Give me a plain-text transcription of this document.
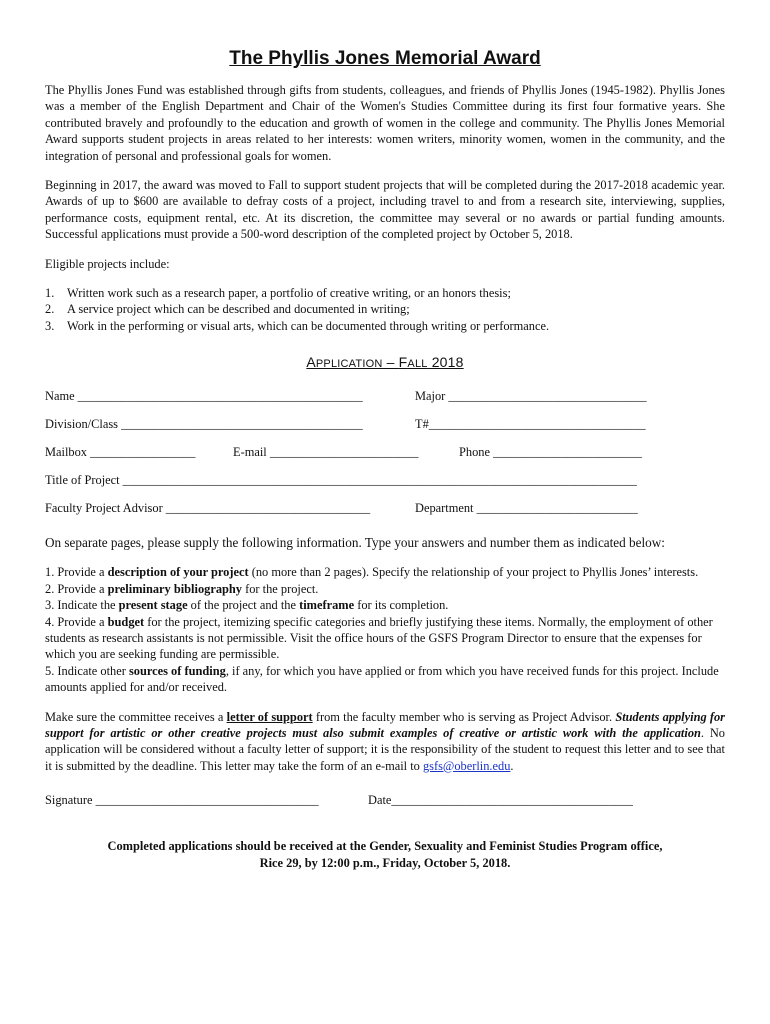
The Phyllis Jones Memorial Award

The Phyllis Jones Fund was established through gifts from students, colleagues, and friends of Phyllis Jones (1945-1982). Phyllis Jones was a member of the English Department and Chair of the Women's Studies Committee during its first four formative years. She contributed bravely and profoundly to the education and growth of women in the college and community. The Phyllis Jones Memorial Award supports student projects in areas related to her interests: women writers, minority women, women in the community, and the integration of personal and professional goals for women.

Beginning in 2017, the award was moved to Fall to support student projects that will be completed during the 2017-2018 academic year. Awards of up to $600 are available to defray costs of a project, including travel to and from a research site, interviewing, supplies, performance costs, equipment rental, etc. At its discretion, the committee may several or no awards or partial funding amounts. Successful applications must provide a 500-word description of the completed project by October 5, 2018.

Eligible projects include:

1.	Written work such as a research paper, a portfolio of creative writing, or an honors thesis;
2.	A service project which can be described and documented in writing;
3.	Work in the performing or visual arts, which can be documented through writing or performance.
APPLICATION – FALL 2018
Name ______________________________________________	Major ________________________________
Division/Class _______________________________________	T#___________________________________
Mailbox _________________	E-mail ________________________	Phone ________________________
Title of Project ___________________________________________________________________________________
Faculty Project Advisor _________________________________	Department __________________________

On separate pages, please supply the following information. Type your answers and number them as indicated below:

1. Provide a description of your project (no more than 2 pages). Specify the relationship of your project to Phyllis Jones’ interests.

2. Provide a preliminary bibliography for the project.

3. Indicate the present stage of the project and the timeframe for its completion.

4. Provide a budget for the project, itemizing specific categories and briefly justifying these items. Normally, the employment of other students as research assistants is not permissible. Visit the office hours of the GSFS Program Director to ensure that the expenses for which you are seeking funding are permissible.

5. Indicate other sources of funding, if any, for which you have applied or from which you have received funds for this project. Include amounts applied for and/or received.

Make sure the committee receives a letter of support from the faculty member who is serving as Project Advisor. Students applying for support for artistic or other creative projects must also submit examples of creative or artistic work with the application. No application will be considered without a faculty letter of support; it is the responsibility of the student to request this letter and to see that it is submitted by the deadline. This letter may take the form of an e-mail to gsfs@oberlin.edu.

Signature ____________________________________	Date_______________________________________
Completed applications should be received at the Gender, Sexuality and Feminist Studies Program office,
Rice 29, by 12:00 p.m., Friday, October 5, 2018.
